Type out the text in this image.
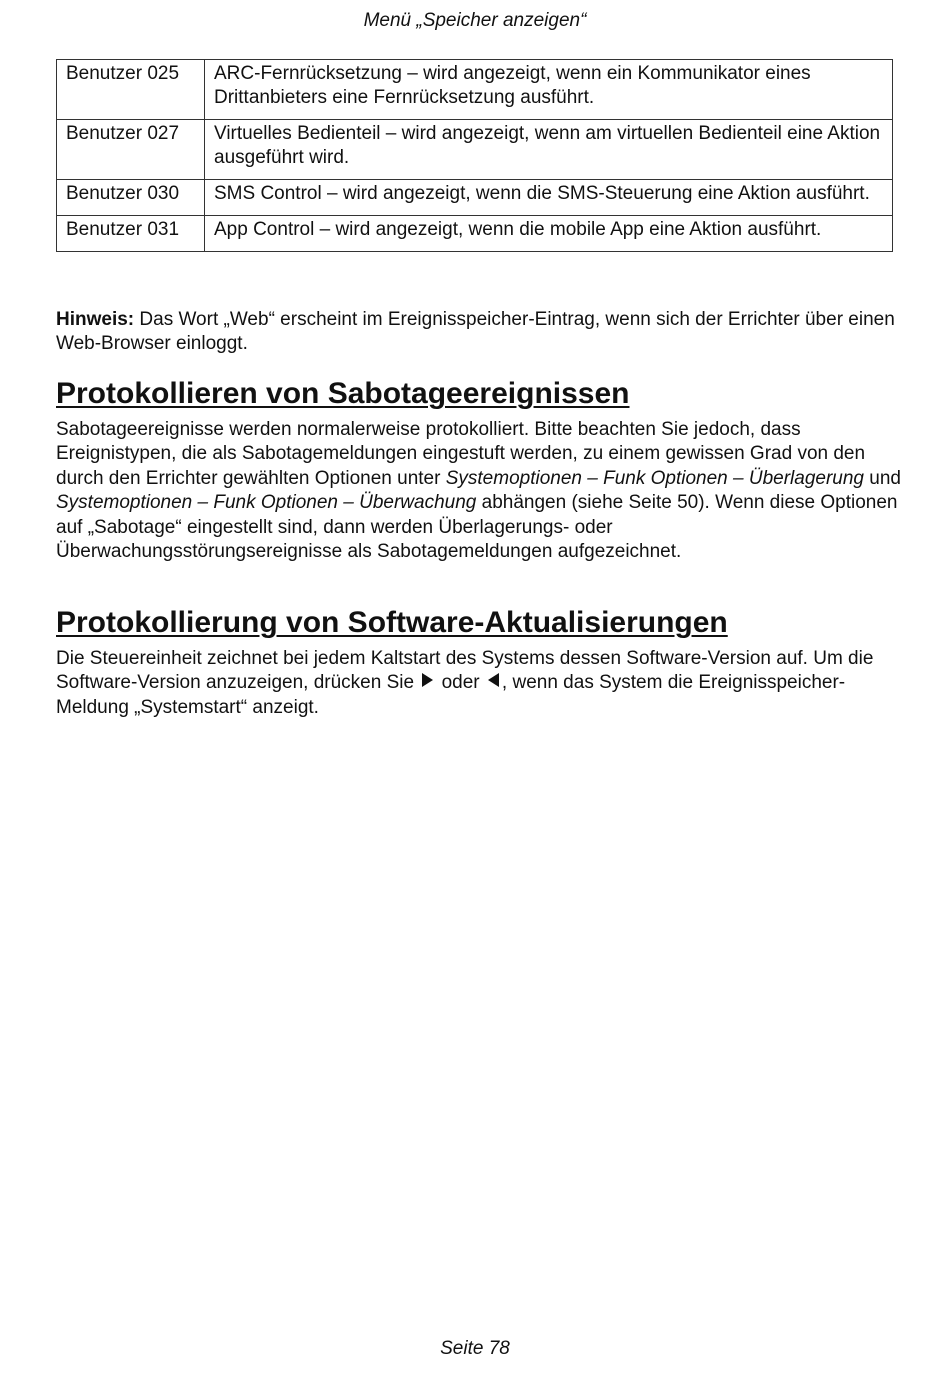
Menü „Speicher anzeigen“
Benutzer 025	ARC-Fernrücksetzung – wird angezeigt, wenn ein Kommunikator eines Drittanbieters eine Fernrücksetzung ausführt.
Benutzer 027	Virtuelles Bedienteil – wird angezeigt, wenn am virtuellen Bedienteil eine Aktion ausgeführt wird.
Benutzer 030	SMS Control – wird angezeigt, wenn die SMS-Steuerung eine Aktion ausführt.
Benutzer 031	App Control – wird angezeigt, wenn die mobile App eine Aktion ausführt.

Hinweis: Das Wort „Web“ erscheint im Ereignisspeicher-Eintrag, wenn sich der Errichter über einen Web-Browser einloggt.

Protokollieren von Sabotageereignissen

Sabotageereignisse werden normalerweise protokolliert. Bitte beachten Sie jedoch, dass Ereignistypen, die als Sabotagemeldungen eingestuft werden, zu einem gewissen Grad von den durch den Errichter gewählten Optionen unter Systemoptionen – Funk Optionen – Überlagerung und Systemoptionen – Funk Optionen – Überwachung abhängen (siehe Seite 50). Wenn diese Optionen auf „Sabotage“ eingestellt sind, dann werden Überlagerungs- oder Überwachungsstörungsereignisse als Sabotagemeldungen aufgezeichnet.

Protokollierung von Software-Aktualisierungen

Die Steuereinheit zeichnet bei jedem Kaltstart des Systems dessen Software-Version auf. Um die Software-Version anzuzeigen, drücken Sie oder , wenn das System die Ereignisspeicher-Meldung „Systemstart“ anzeigt.

Seite 78
